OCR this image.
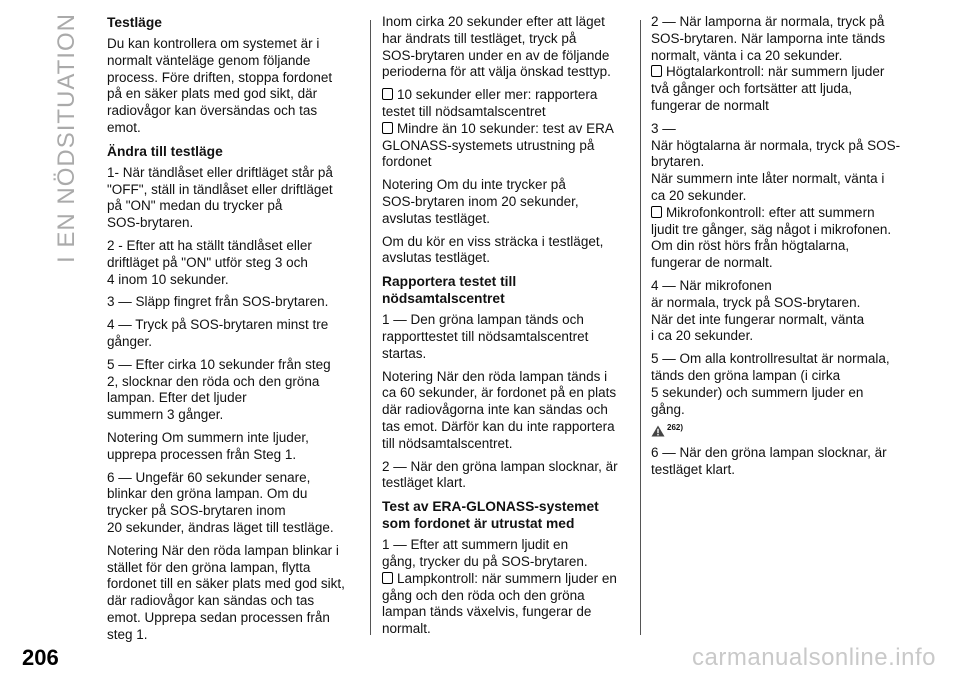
I EN NÖDSITUATION Testläge

Du kan kontrollera om systemet är i
normalt vänteläge genom följande
process. Före driften, stoppa fordonet
på en säker plats med god sikt, där
radiovågor kan översändas och tas
emot.

Ändra till testläge

1- När tändlåset eller driftläget står på
"OFF", ställ in tändlåset eller driftläget
på "ON" medan du trycker på
SOS-brytaren.

2 - Efter att ha ställt tändlåset eller
driftläget på "ON" utför steg 3 och
4 inom 10 sekunder.

3 — Släpp fingret från SOS-brytaren.

4 — Tryck på SOS-brytaren minst tre
gånger.

5 — Efter cirka 10 sekunder från steg
2, slocknar den röda och den gröna
lampan. Efter det ljuder
summern 3 gånger.

Notering Om summern inte ljuder,
upprepa processen från Steg 1.

6 — Ungefär 60 sekunder senare,
blinkar den gröna lampan. Om du
trycker på SOS-brytaren inom
20 sekunder, ändras läget till testläge.

Notering När den röda lampan blinkar i
stället för den gröna lampan, flytta
fordonet till en säker plats med god sikt,
där radiovågor kan sändas och tas
emot. Upprepa sedan processen från
steg 1.

Inom cirka 20 sekunder efter att läget
har ändrats till testläget, tryck på
SOS-brytaren under en av de följande
perioderna för att välja önskad testtyp.

10 sekunder eller mer: rapportera
testet till nödsamtalscentret
Mindre än 10 sekunder: test av ERA
GLONASS-systemets utrustning på
fordonet

Notering Om du inte trycker på
SOS-brytaren inom 20 sekunder,
avslutas testläget.

Om du kör en viss sträcka i testläget,
avslutas testläget.

Rapportera testet till
nödsamtalscentret

1 — Den gröna lampan tänds och
rapporttestet till nödsamtalscentret
startas.

Notering När den röda lampan tänds i
ca 60 sekunder, är fordonet på en plats
där radiovågorna inte kan sändas och
tas emot. Därför kan du inte rapportera
till nödsamtalscentret.

2 — När den gröna lampan slocknar, är
testläget klart.

Test av ERA-GLONASS-systemet
som fordonet är utrustat med

1 — Efter att summern ljudit en
gång, trycker du på SOS-brytaren.

Lampkontroll: när summern ljuder en
gång och den röda och den gröna
lampan tänds växelvis, fungerar de
normalt.

2 — När lamporna är normala, tryck på
SOS-brytaren. När lamporna inte tänds
normalt, vänta i ca 20 sekunder.

Högtalarkontroll: när summern ljuder
två gånger och fortsätter att ljuda,
fungerar de normalt

3 —
När högtalarna är normala, tryck på SOS-brytaren.
När summern inte låter normalt, vänta i
ca 20 sekunder.

Mikrofonkontroll: efter att summern
ljudit tre gånger, säg något i mikrofonen.
Om din röst hörs från högtalarna,
fungerar de normalt.

4 — När mikrofonen
är normala, tryck på SOS-brytaren.
När det inte fungerar normalt, vänta
i ca 20 sekunder.

5 — Om alla kontrollresultat är normala,
tänds den gröna lampan (i cirka
5 sekunder) och summern ljuder en
gång.

262)

6 — När den gröna lampan slocknar, är
testläget klart.

206	carmanualsonline.info
